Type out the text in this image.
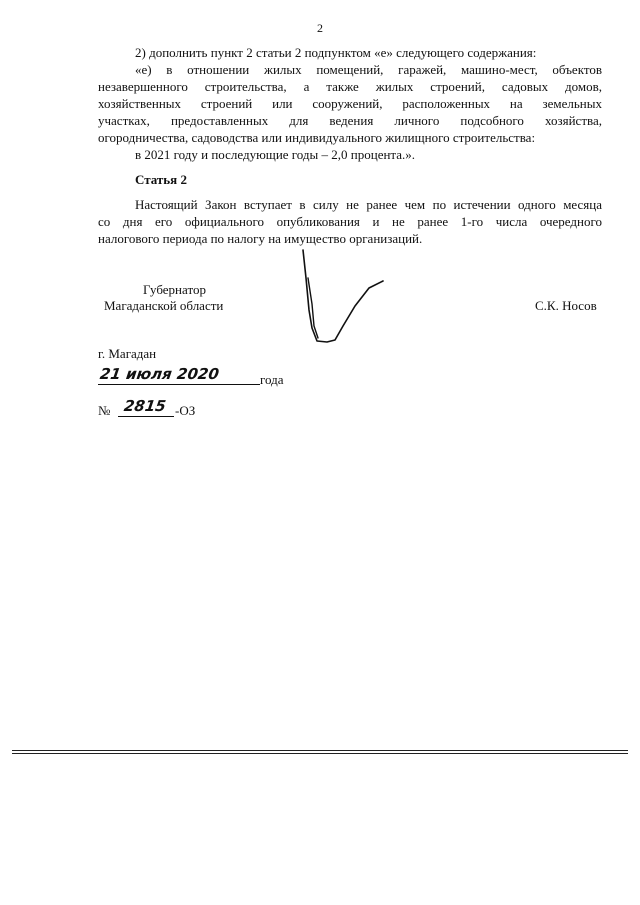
2
2) дополнить пункт 2 статьи 2 подпунктом «е» следующего содержания:
«е) в отношении жилых помещений, гаражей, машино-мест, объектов
незавершенного строительства, а также жилых строений, садовых домов,
хозяйственных строений или сооружений, расположенных на земельных
участках, предоставленных для ведения личного подсобного хозяйства,
огородничества, садоводства или индивидуального жилищного строительства:
в 2021 году и последующие годы – 2,0 процента.».
Статья 2
Настоящий Закон вступает в силу не ранее чем по истечении одного месяца
со дня его официального опубликования и не ранее 1-го числа очередного
налогового периода по налогу на имущество организаций.
Губернатор
Магаданской области	С.К. Носов
г. Магадан
21 июля 2020	года
№ 2815 -ОЗ
